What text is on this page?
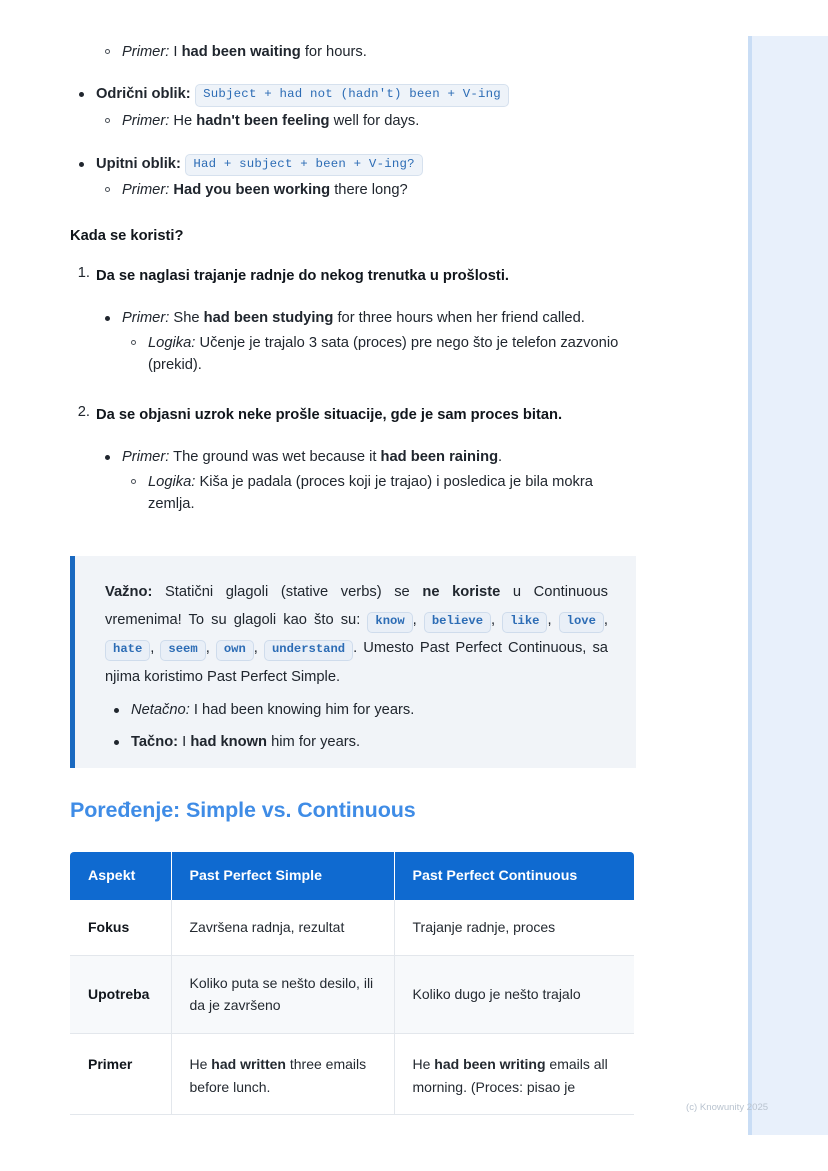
Primer: I had been waiting for hours.
Odrični oblik: Subject + had not (hadn't) been + V-ing
Primer: He hadn't been feeling well for days.
Upitni oblik: Had + subject + been + V-ing?
Primer: Had you been working there long?

Kada se koristi?

Da se naglasi trajanje radnje do nekog trenutka u prošlosti.
Primer: She had been studying for three hours when her friend called.
Logika: Učenje je trajalo 3 sata (proces) pre nego što je telefon zazvonio (prekid).
Da se objasni uzrok neke prošle situacije, gde je sam proces bitan.
Primer: The ground was wet because it had been raining.
Logika: Kiša je padala (proces koji je trajao) i posledica je bila mokra zemlja.

Važno: Statični glagoli (stative verbs) se ne koriste u Continuous vremenima! To su glagoli kao što su: know , believe , like , love , hate , seem , own , understand . Umesto Past Perfect Continuous, sa njima koristimo Past Perfect Simple.

Netačno: I had been knowing him for years.
Tačno: I had known him for years.
Poređenje: Simple vs. Continuous
Aspekt	Past Perfect Simple	Past Perfect Continuous
Fokus	Završena radnja, rezultat	Trajanje radnje, proces
Upotreba	Koliko puta se nešto desilo, ili da je završeno	Koliko dugo je nešto trajalo
Primer	He had written three emails before lunch.	He had been writing emails all morning. (Proces: pisao je
(c) Knowunity 2025
